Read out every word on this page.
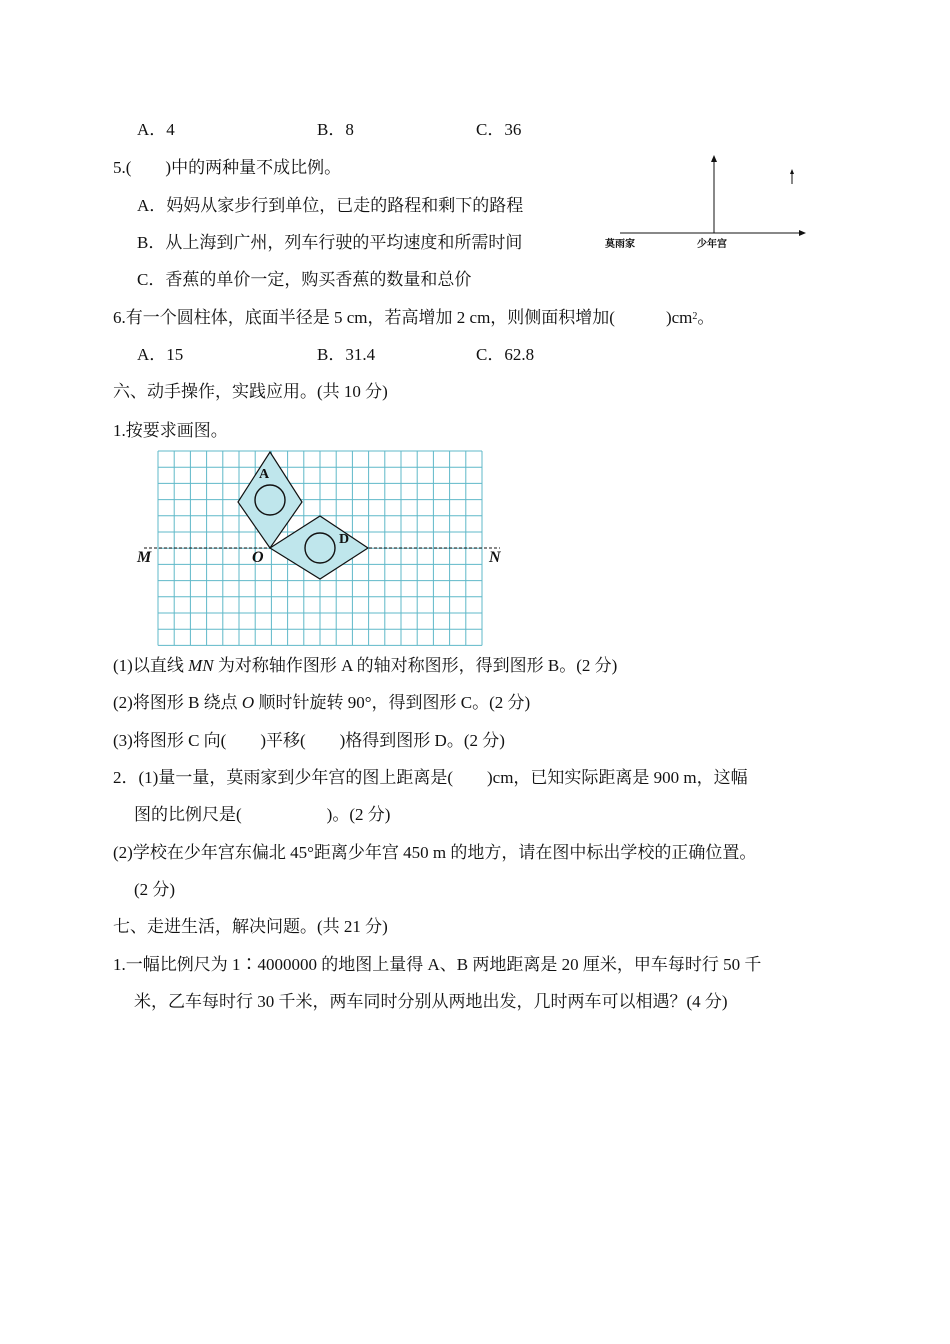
A．4	B．8	C．36
5.(　　)中的两种量不成比例。
A．妈妈从家步行到单位，已走的路程和剩下的路程
B．从上海到广州，列车行驶的平均速度和所需时间
C．香蕉的单价一定，购买香蕉的数量和总价
莫雨家	少年宫
6.有一个圆柱体，底面半径是 5 cm，若高增加 2 cm，则侧面积增加(　　　)$cm^2$。
A．15	B．31.4	C．62.8
六、动手操作，实践应用。(共 10 分)
1.按要求画图。
M	N
O
A
D
(1)以直线 MN 为对称轴作图形 A 的轴对称图形，得到图形 B。(2 分)
(2)将图形 B 绕点 O 顺时针旋转 90°，得到图形 C。(2 分)
(3)将图形 C 向(　　)平移(　　)格得到图形 D。(2 分)
2．(1)量一量，莫雨家到少年宫的图上距离是(　　)cm，已知实际距离是 900 m，这幅
图的比例尺是(　　　　　)。(2 分)
(2)学校在少年宫东偏北 45°距离少年宫 450 m 的地方，请在图中标出学校的正确位置。
(2 分)
七、走进生活，解决问题。(共 21 分)
1.一幅比例尺为 1∶4000000 的地图上量得 A、B 两地距离是 20 厘米，甲车每时行 50 千
米，乙车每时行 30 千米，两车同时分别从两地出发，几时两车可以相遇？(4 分)
